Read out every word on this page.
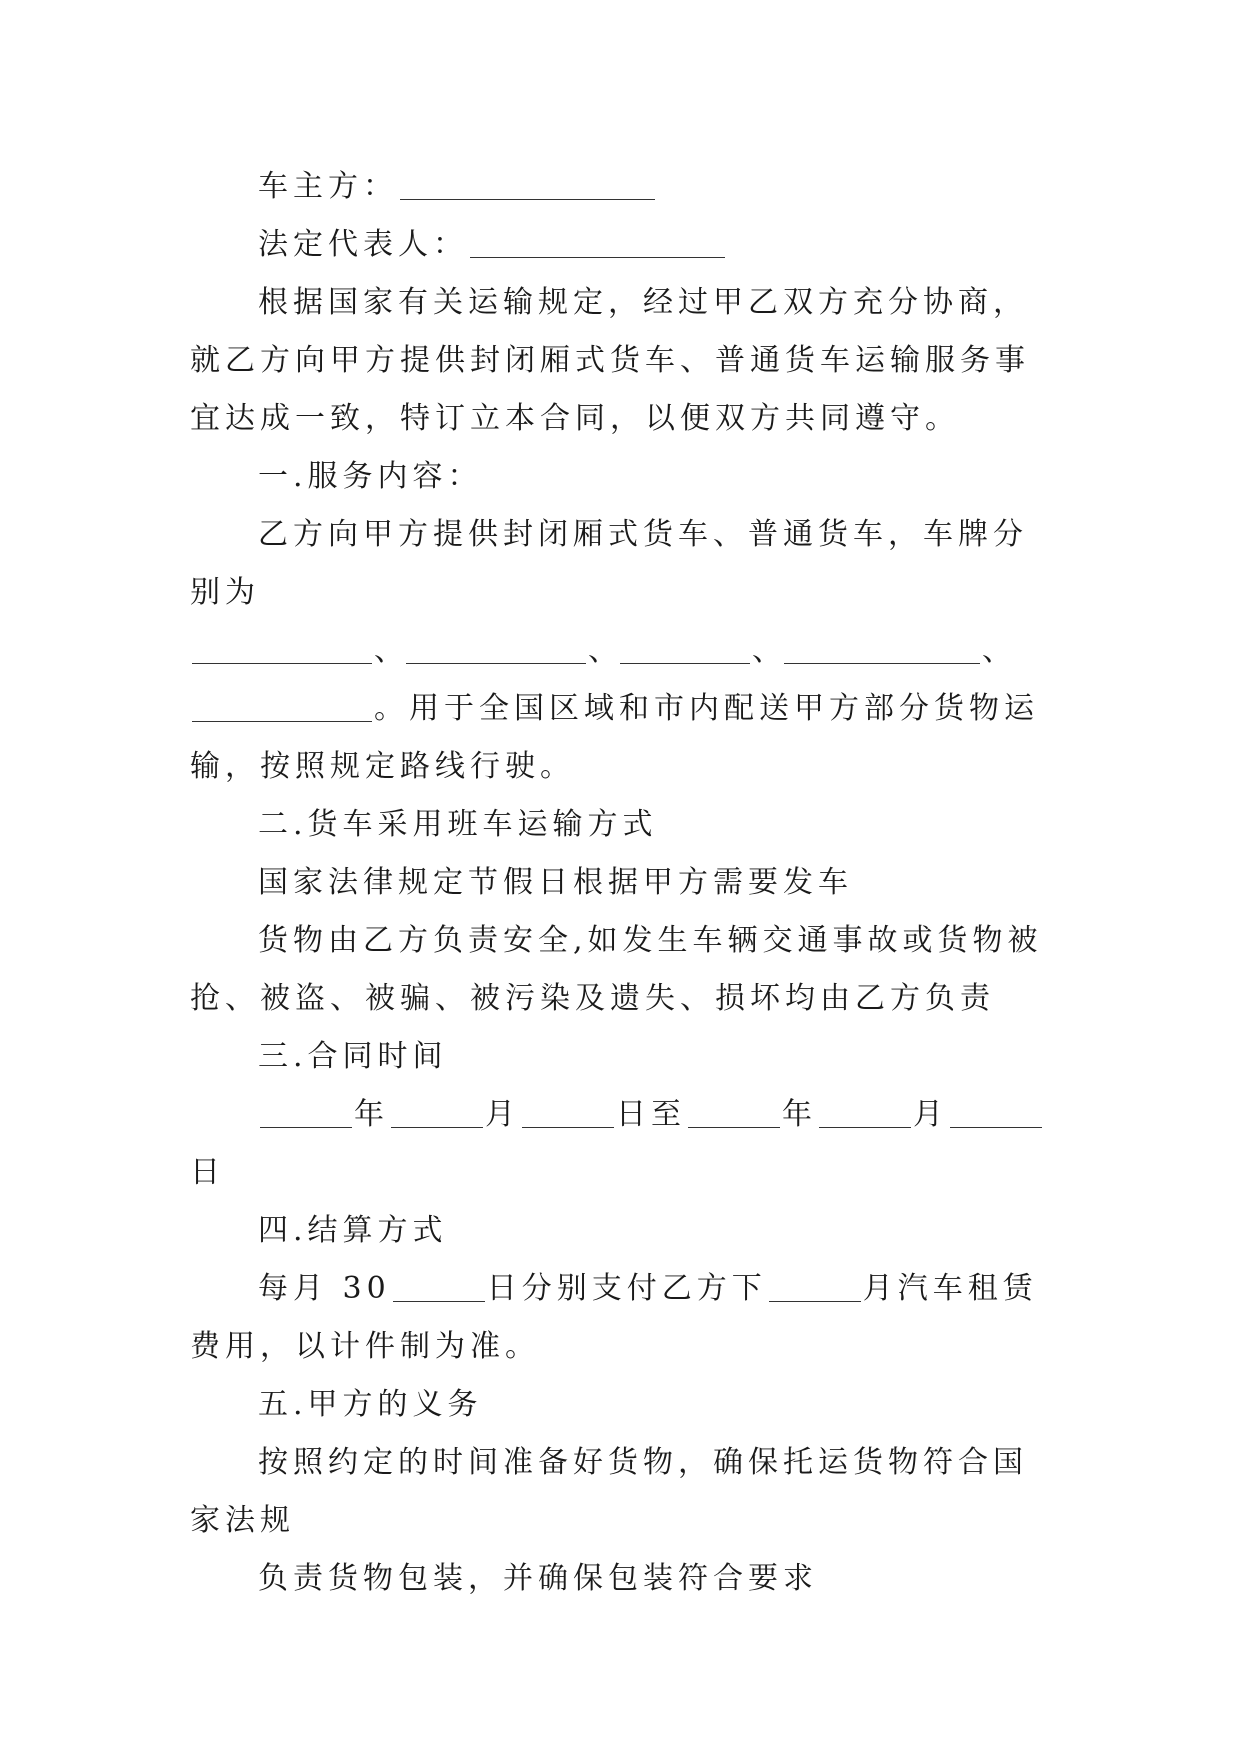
车主方：

法定代表人：

根据国家有关运输规定，经过甲乙双方充分协商，就乙方向甲方提供封闭厢式货车、普通货车运输服务事宜达成一致，特订立本合同，以便双方共同遵守。

一.服务内容：

乙方向甲方提供封闭厢式货车、普通货车，车牌分别为

、	、	、	、

。用于全国区域和市内配送甲方部分货物运输，按照规定路线行驶。

二.货车采用班车运输方式

国家法律规定节假日根据甲方需要发车

货物由乙方负责安全,如发生车辆交通事故或货物被抢、被盗、被骗、被污染及遗失、损坏均由乙方负责

三.合同时间

年	月	日至	年	月日

四.结算方式

每月 30	日分别支付乙方下	月汽车租赁费用，以计件制为准。

五.甲方的义务

按照约定的时间准备好货物，确保托运货物符合国家法规

负责货物包装，并确保包装符合要求
